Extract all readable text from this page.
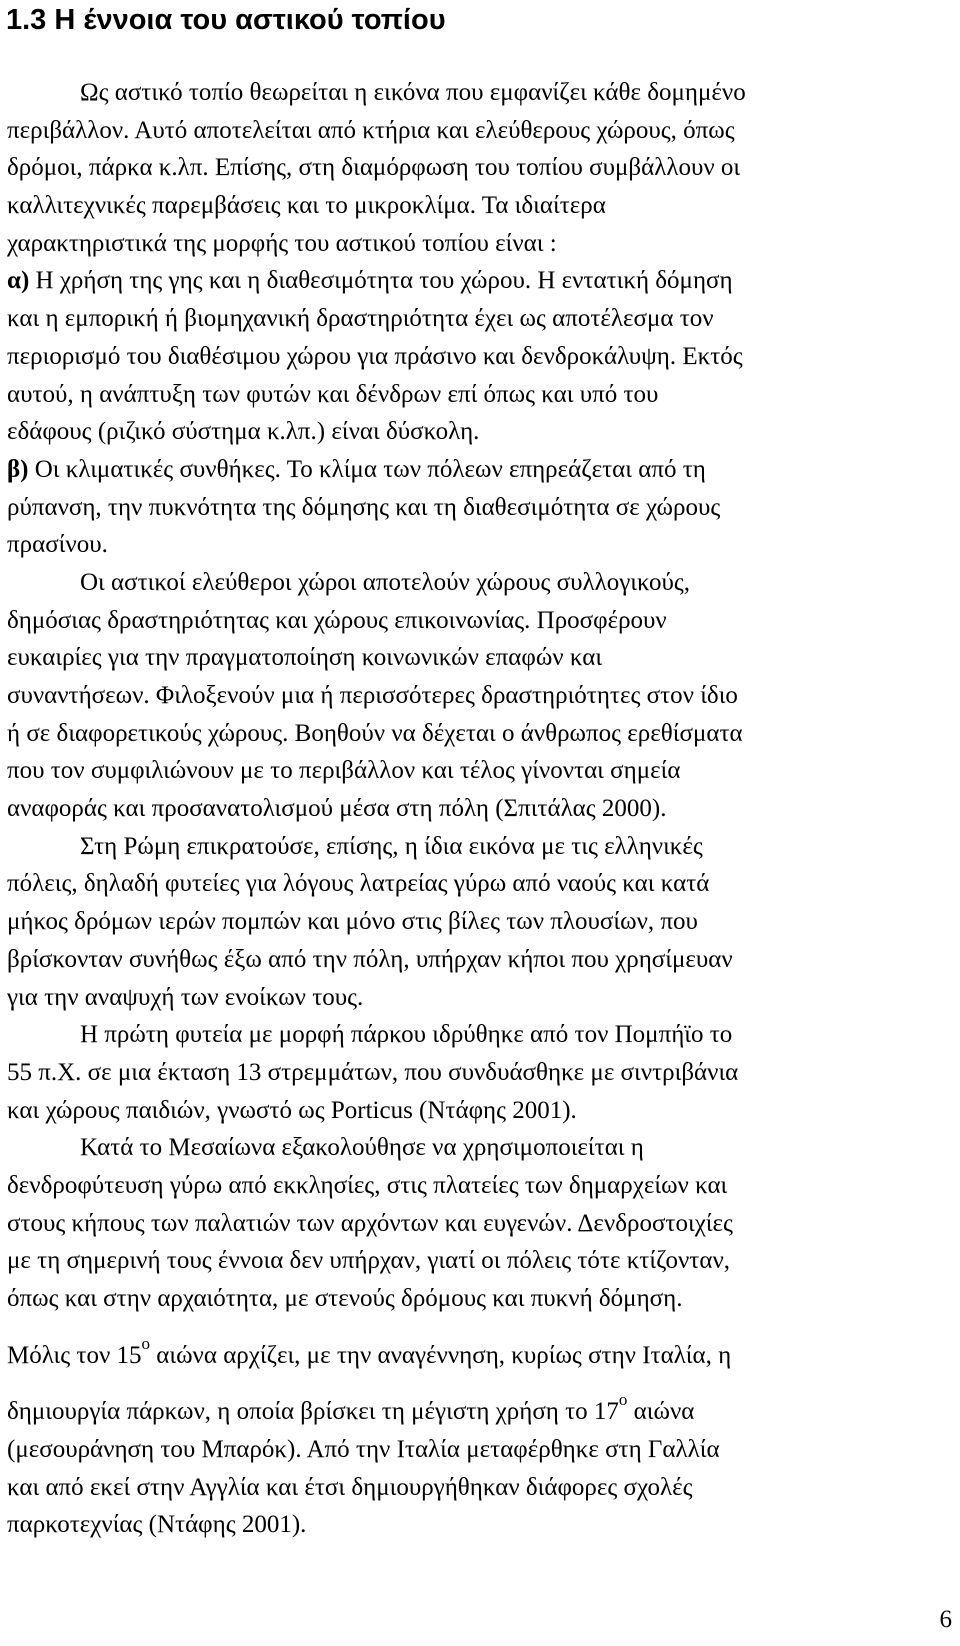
1.3 Η έννοια του αστικού τοπίου
Ως αστικό τοπίο θεωρείται η εικόνα που εμφανίζει κάθε δομημένο
περιβάλλον. Αυτό αποτελείται από κτήρια και ελεύθερους χώρους, όπως
δρόμοι, πάρκα κ.λπ. Επίσης, στη διαμόρφωση του τοπίου συμβάλλουν οι
καλλιτεχνικές παρεμβάσεις και το μικροκλίμα. Τα ιδιαίτερα
χαρακτηριστικά της μορφής του αστικού τοπίου είναι :
α) Η χρήση της γης και η διαθεσιμότητα του χώρου. Η εντατική δόμηση
και η εμπορική ή βιομηχανική δραστηριότητα έχει ως αποτέλεσμα τον
περιορισμό του διαθέσιμου χώρου για πράσινο και δενδροκάλυψη. Εκτός
αυτού, η ανάπτυξη των φυτών και δένδρων επί όπως και υπό του
εδάφους (ριζικό σύστημα κ.λπ.) είναι δύσκολη.
β) Οι κλιματικές συνθήκες. Το κλίμα των πόλεων επηρεάζεται από τη
ρύπανση, την πυκνότητα της δόμησης και τη διαθεσιμότητα σε χώρους
πρασίνου.
Οι αστικοί ελεύθεροι χώροι αποτελούν χώρους συλλογικούς,
δημόσιας δραστηριότητας και χώρους επικοινωνίας. Προσφέρουν
ευκαιρίες για την πραγματοποίηση κοινωνικών επαφών και
συναντήσεων. Φιλοξενούν μια ή περισσότερες δραστηριότητες στον ίδιο
ή σε διαφορετικούς χώρους. Βοηθούν να δέχεται ο άνθρωπος ερεθίσματα
που τον συμφιλιώνουν με το περιβάλλον και τέλος γίνονται σημεία
αναφοράς και προσανατολισμού μέσα στη πόλη (Σπιτάλας 2000).
Στη Ρώμη επικρατούσε, επίσης, η ίδια εικόνα με τις ελληνικές
πόλεις, δηλαδή φυτείες για λόγους λατρείας γύρω από ναούς και κατά
μήκος δρόμων ιερών πομπών και μόνο στις βίλες των πλουσίων, που
βρίσκονταν συνήθως έξω από την πόλη, υπήρχαν κήποι που χρησίμευαν
για την αναψυχή των ενοίκων τους.
Η πρώτη φυτεία με μορφή πάρκου ιδρύθηκε από τον Πομπήϊο το
55 π.Χ. σε μια έκταση 13 στρεμμάτων, που συνδυάσθηκε με σιντριβάνια
και χώρους παιδιών, γνωστό ως Porticus (Ντάφης 2001).
Κατά το Μεσαίωνα εξακολούθησε να χρησιμοποιείται η
δενδροφύτευση γύρω από εκκλησίες, στις πλατείες των δημαρχείων και
στους κήπους των παλατιών των αρχόντων και ευγενών. Δενδροστοιχίες
με τη σημερινή τους έννοια δεν υπήρχαν, γιατί οι πόλεις τότε κτίζονταν,
όπως και στην αρχαιότητα, με στενούς δρόμους και πυκνή δόμηση.
Μόλις τον $15^o$ αιώνα αρχίζει, με την αναγέννηση, κυρίως στην Ιταλία, η
δημιουργία πάρκων, η οποία βρίσκει τη μέγιστη χρήση το $17^o$ αιώνα
(μεσουράνηση του Μπαρόκ). Από την Ιταλία μεταφέρθηκε στη Γαλλία
και από εκεί στην Αγγλία και έτσι δημιουργήθηκαν διάφορες σχολές
παρκοτεχνίας (Ντάφης 2001).
6
